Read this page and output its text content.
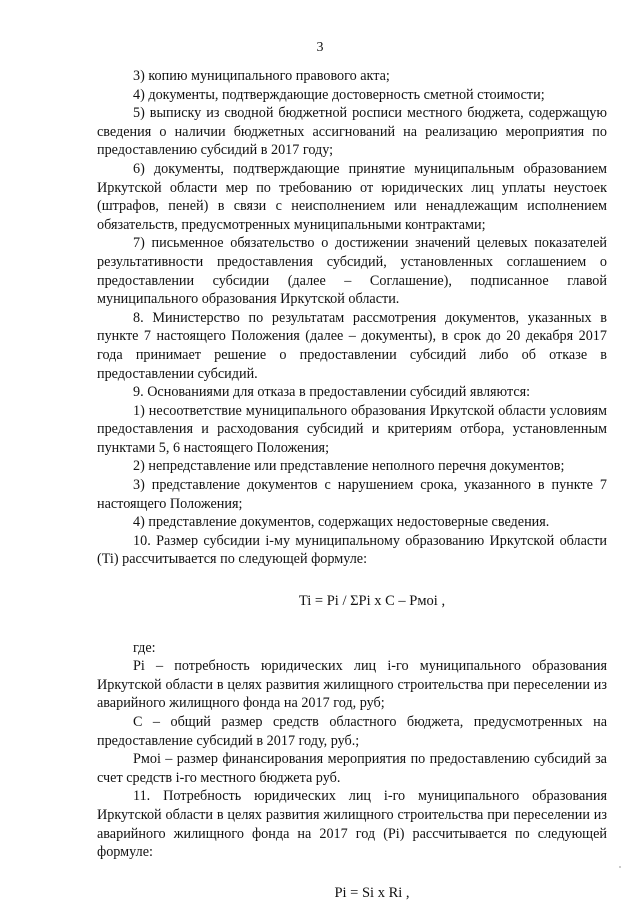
3

3) копию муниципального правового акта;

4) документы, подтверждающие достоверность сметной стоимости;

5) выписку из сводной бюджетной росписи местного бюджета, содержащую сведения о наличии бюджетных ассигнований на реализацию мероприятия по предоставлению субсидий в 2017 году;

6) документы, подтверждающие принятие муниципальным образованием Иркутской области мер по требованию от юридических лиц уплаты неустоек (штрафов, пеней) в связи с неисполнением или ненадлежащим исполнением обязательств, предусмотренных муниципальными контрактами;

7) письменное обязательство о достижении значений целевых показателей результативности предоставления субсидий, установленных соглашением о предоставлении субсидии (далее – Соглашение), подписанное главой муниципального образования Иркутской области.

8. Министерство по результатам рассмотрения документов, указанных в пункте 7 настоящего Положения (далее – документы), в срок до 20 декабря 2017 года принимает решение о предоставлении субсидий либо об отказе в предоставлении субсидий.

9. Основаниями для отказа в предоставлении субсидий являются:

1) несоответствие муниципального образования Иркутской области условиям предоставления и расходования субсидий и критериям отбора, установленным пунктами 5, 6 настоящего Положения;

2) непредставление или представление неполного перечня документов;

3) представление документов с нарушением срока, указанного в пункте 7 настоящего Положения;

4) представление документов, содержащих недостоверные сведения.

10. Размер субсидии i-му муниципальному образованию Иркутской области (Ti) рассчитывается по следующей формуле:

Ti = Pi / ΣPi x C – Pмоi ,

где:

Pi – потребность юридических лиц i-го муниципального образования Иркутской области в целях развития жилищного строительства при переселении из аварийного жилищного фонда на 2017 год, руб;

С – общий размер средств областного бюджета, предусмотренных на предоставление субсидий в 2017 году, руб.;

Pмоi – размер финансирования мероприятия по предоставлению субсидий за счет средств i-го местного бюджета руб.

11. Потребность юридических лиц i-го муниципального образования Иркутской области в целях развития жилищного строительства при переселении из аварийного жилищного фонда на 2017 год (Pi) рассчитывается по следующей формуле:

Pi = Si x Ri ,
